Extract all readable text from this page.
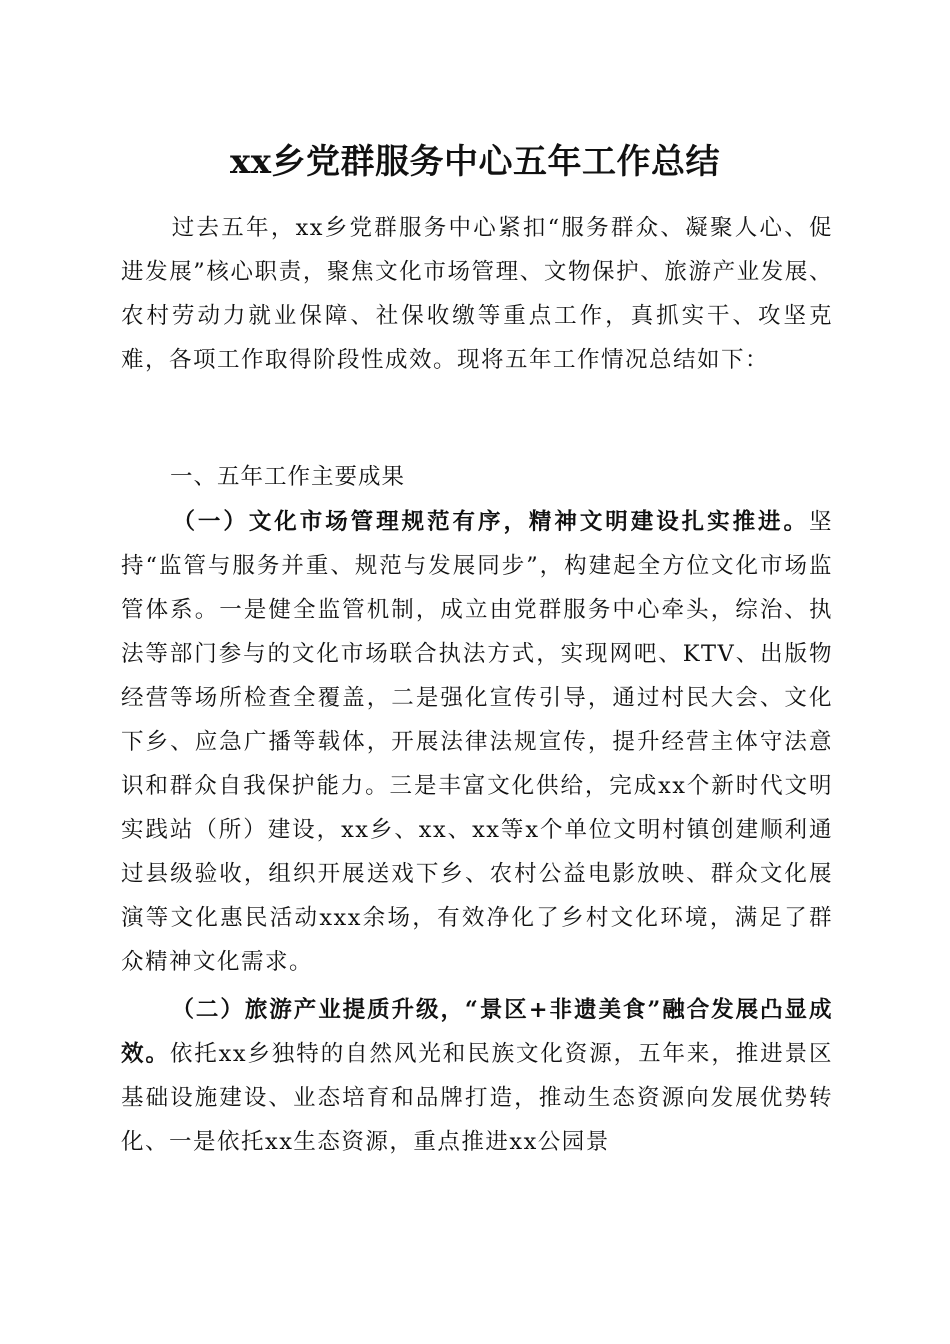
xx乡党群服务中心五年工作总结
过去五年，xx乡党群服务中心紧扣“服务群众、凝聚人心、促进发展”核心职责，聚焦文化市场管理、文物保护、旅游产业发展、农村劳动力就业保障、社保收缴等重点工作，真抓实干、攻坚克难，各项工作取得阶段性成效。现将五年工作情况总结如下：
一、五年工作主要成果
（一）文化市场管理规范有序，精神文明建设扎实推进。坚持“监管与服务并重、规范与发展同步”，构建起全方位文化市场监管体系。一是健全监管机制，成立由党群服务中心牵头，综治、执法等部门参与的文化市场联合执法方式，实现网吧、KTV、出版物经营等场所检查全覆盖，二是强化宣传引导，通过村民大会、文化下乡、应急广播等载体，开展法律法规宣传，提升经营主体守法意识和群众自我保护能力。三是丰富文化供给，完成xx个新时代文明实践站（所）建设，xx乡、xx、xx等x个单位文明村镇创建顺利通过县级验收，组织开展送戏下乡、农村公益电影放映、群众文化展演等文化惠民活动xxx余场，有效净化了乡村文化环境，满足了群众精神文化需求。
（二）旅游产业提质升级，“景区+非遗美食”融合发展凸显成效。依托xx乡独特的自然风光和民族文化资源，五年来，推进景区基础设施建设、业态培育和品牌打造，推动生态资源向发展优势转化、一是依托xx生态资源，重点推进xx公园景
